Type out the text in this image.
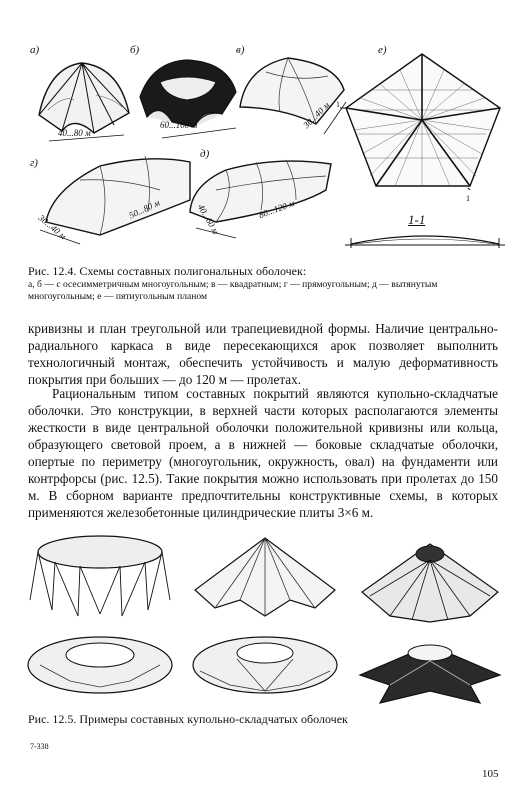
а)
40...80 м
б)
60...100 м
в)
30...40 м
е)
1
1
г)
50...80 м
30...40 м
д)
80...120 м
40...60 м	1-1
Рис. 12.4. Схемы составных полигональных оболочек:
а, б — с осесимметричным многоугольным; в — квадратным; г — прямоугольным; д — вытянутым многоугольным; е — пятиугольным планом

кривизны и план треугольной или трапециевидной формы. Наличие центрально-радиального каркаса в виде пересекающихся арок позволяет выполнить технологичный монтаж, обеспечить устойчивость и малую деформативность покрытия при больших — до 120 м — пролетах.

Рациональным типом составных покрытий являются купольно-складчатые оболочки. Это конструкции, в верхней части которых располагаются элементы жесткости в виде центральной оболочки положительной кривизны или кольца, образующего световой проем, а в нижней — боковые складчатые оболочки, опертые по периметру (многоугольник, окружность, овал) на фундаменти или контрфорсы (рис. 12.5). Такие покрытия можно использовать при пролетах до 150 м. В сборном варианте предпочтительны конструктивные схемы, в которых применяются железобетонные цилиндрические плиты 3×6 м.

Рис. 12.5. Примеры составных купольно-складчатых оболочек
7-338
105
